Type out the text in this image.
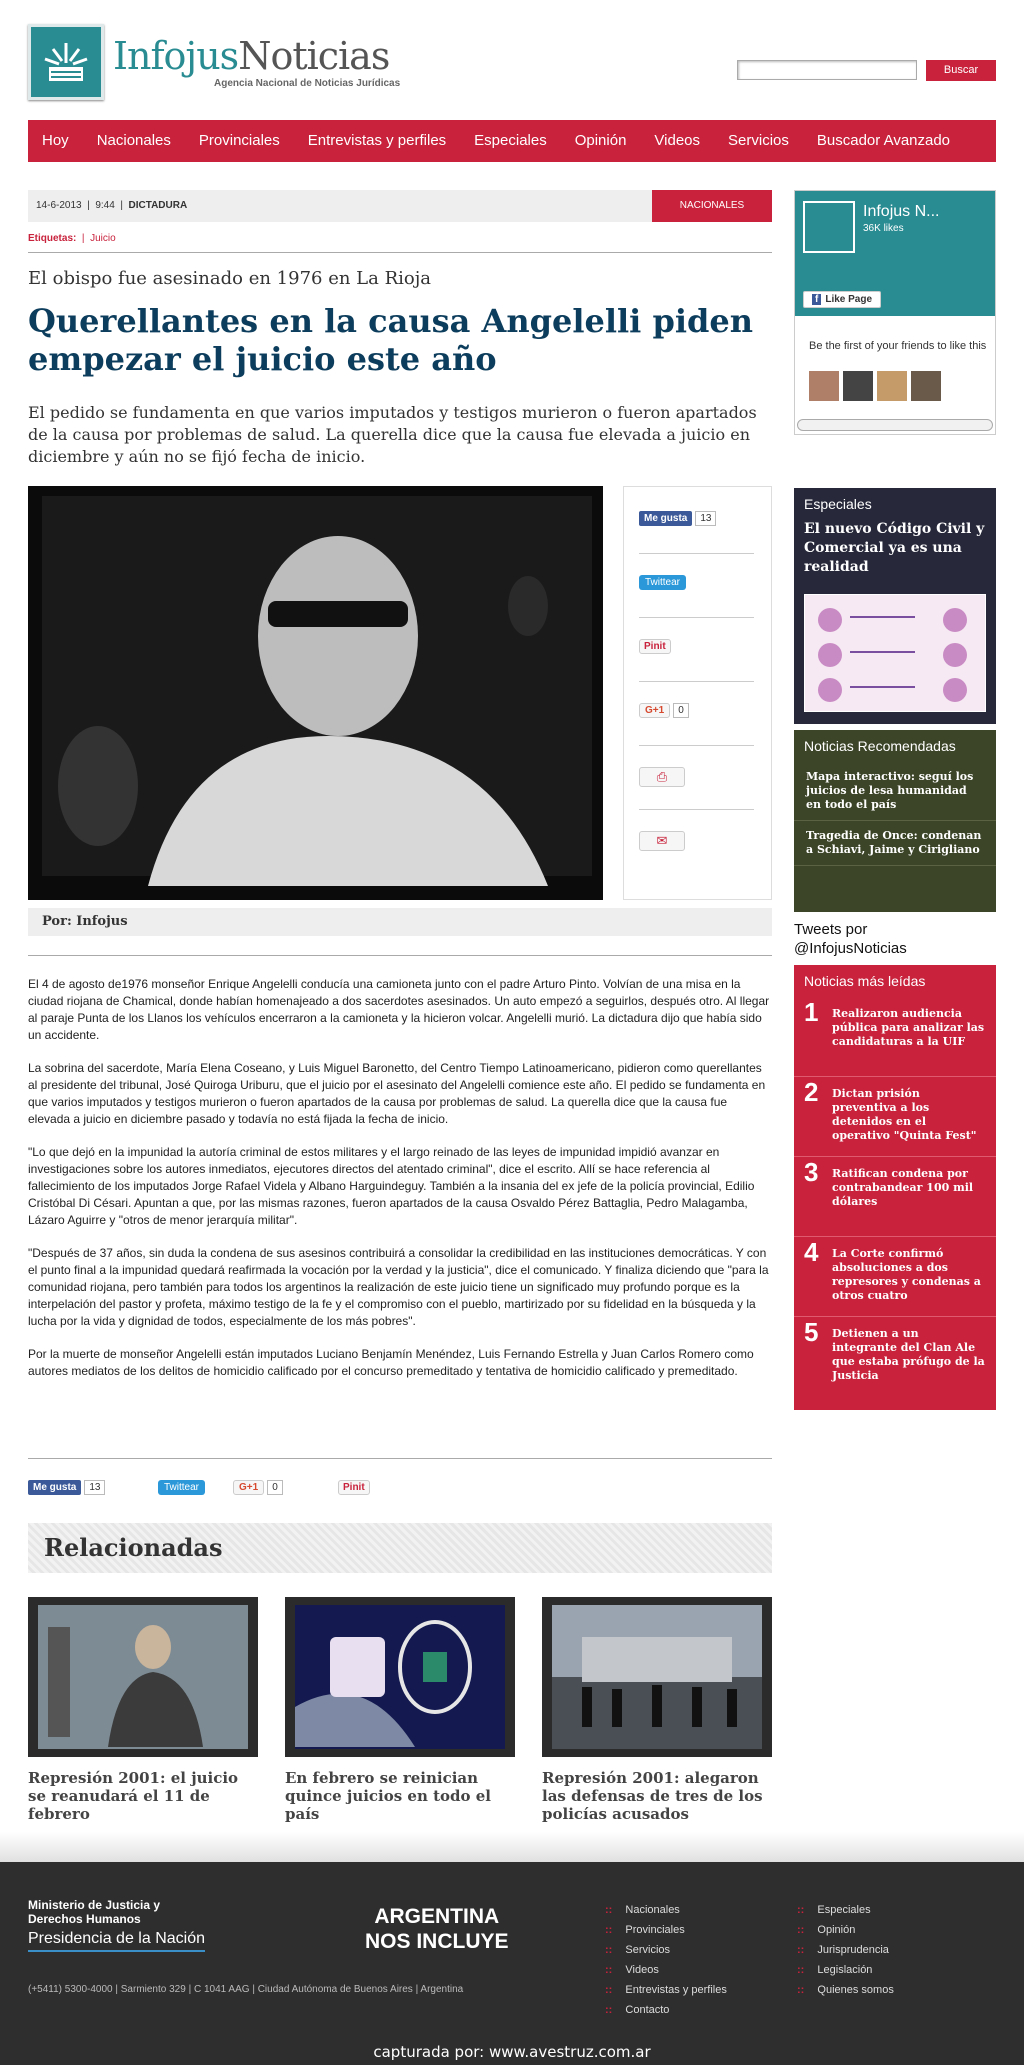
InfojusNoticias
Agencia Nacional de Noticias Jurídicas
Buscar
Hoy	Nacionales	Provinciales	Entrevistas y perfiles	Especiales	Opinión	Videos	Servicios	Buscador Avanzado
14-6-2013  |  9:44  |  DICTADURA	NACIONALES
Etiquetas:  |  Juicio
El obispo fue asesinado en 1976 en La Rioja
Querellantes en la causa Angelelli piden empezar el juicio este año
El pedido se fundamenta en que varios imputados y testigos murieron o fueron apartados de la causa por problemas de salud. La querella dice que la causa fue elevada a juicio en diciembre y aún no se fijó fecha de inicio.
Me gusta 13
Twittear
Pinit
G+1 0
⎙
✉
Por: Infojus

El 4 de agosto de1976 monseñor Enrique Angelelli conducía una camioneta junto con el padre Arturo Pinto. Volvían de una misa en la ciudad riojana de Chamical, donde habían homenajeado a dos sacerdotes asesinados. Un auto empezó a seguirlos, después otro. Al llegar al paraje Punta de los Llanos los vehículos encerraron a la camioneta y la hicieron volcar. Angelelli murió. La dictadura dijo que había sido un accidente.

La sobrina del sacerdote, María Elena Coseano, y Luis Miguel Baronetto, del Centro Tiempo Latinoamericano, pidieron como querellantes al presidente del tribunal, José Quiroga Uriburu, que el juicio por el asesinato del Angelelli comience este año. El pedido se fundamenta en que varios imputados y testigos murieron o fueron apartados de la causa por problemas de salud. La querella dice que la causa fue elevada a juicio en diciembre pasado y todavía no está fijada la fecha de inicio.

"Lo que dejó en la impunidad la autoría criminal de estos militares y el largo reinado de las leyes de impunidad impidió avanzar en investigaciones sobre los autores inmediatos, ejecutores directos del atentado criminal", dice el escrito. Allí se hace referencia al fallecimiento de los imputados Jorge Rafael Videla y Albano Harguindeguy. También a la insania del ex jefe de la policía provincial, Edilio Cristóbal Di Césari. Apuntan a que, por las mismas razones, fueron apartados de la causa Osvaldo Pérez Battaglia, Pedro Malagamba, Lázaro Aguirre y "otros de menor jerarquía militar".

"Después de 37 años, sin duda la condena de sus asesinos contribuirá a consolidar la credibilidad en las instituciones democráticas. Y con el punto final a la impunidad quedará reafirmada la vocación por la verdad y la justicia", dice el comunicado. Y finaliza diciendo que "para la comunidad riojana, pero también para todos los argentinos la realización de este juicio tiene un significado muy profundo porque es la interpelación del pastor y profeta, máximo testigo de la fe y el compromiso con el pueblo, martirizado por su fidelidad en la búsqueda y la lucha por la vida y dignidad de todos, especialmente de los más pobres".

Por la muerte de monseñor Angelelli están imputados Luciano Benjamín Menéndez, Luis Fernando Estrella y Juan Carlos Romero como autores mediatos de los delitos de homicidio calificado por el concurso premeditado y tentativa de homicidio calificado y premeditado.

Me gusta 13	Twittear	G+1 0	Pinit
Relacionadas
Represión 2001: el juicio se reanudará el 11 de febrero
En febrero se reinician quince juicios en todo el país
Represión 2001: alegaron las defensas de tres de los policías acusados
Infojus N...
36K likes
f Like Page
Be the first of your friends to like this
Especiales
El nuevo Código Civil y Comercial ya es una realidad
Noticias Recomendadas
Mapa interactivo: seguí los juicios de lesa humanidad en todo el país
Tragedia de Once: condenan a Schiavi, Jaime y Cirigliano
Tweets por @InfojusNoticias
Noticias más leídas
1 Realizaron audiencia pública para analizar las candidaturas a la UIF
2 Dictan prisión preventiva a los detenidos en el operativo "Quinta Fest"
3 Ratifican condena por contrabandear 100 mil dólares
4 La Corte confirmó absoluciones a dos represores y condenas a otros cuatro
5 Detienen a un integrante del Clan Ale que estaba prófugo de la Justicia
Ministerio de Justicia y Derechos Humanos
Presidencia de la Nación
ARGENTINA
NOS INCLUYE
(+5411) 5300-4000 | Sarmiento 329 | C 1041 AAG | Ciudad Autónoma de Buenos Aires | Argentina
:: Nacionales
:: Provinciales
:: Servicios
:: Videos
:: Entrevistas y perfiles
:: Contacto
:: Especiales
:: Opinión
:: Jurisprudencia
:: Legislación
:: Quienes somos
capturada por: www.avestruz.com.ar
